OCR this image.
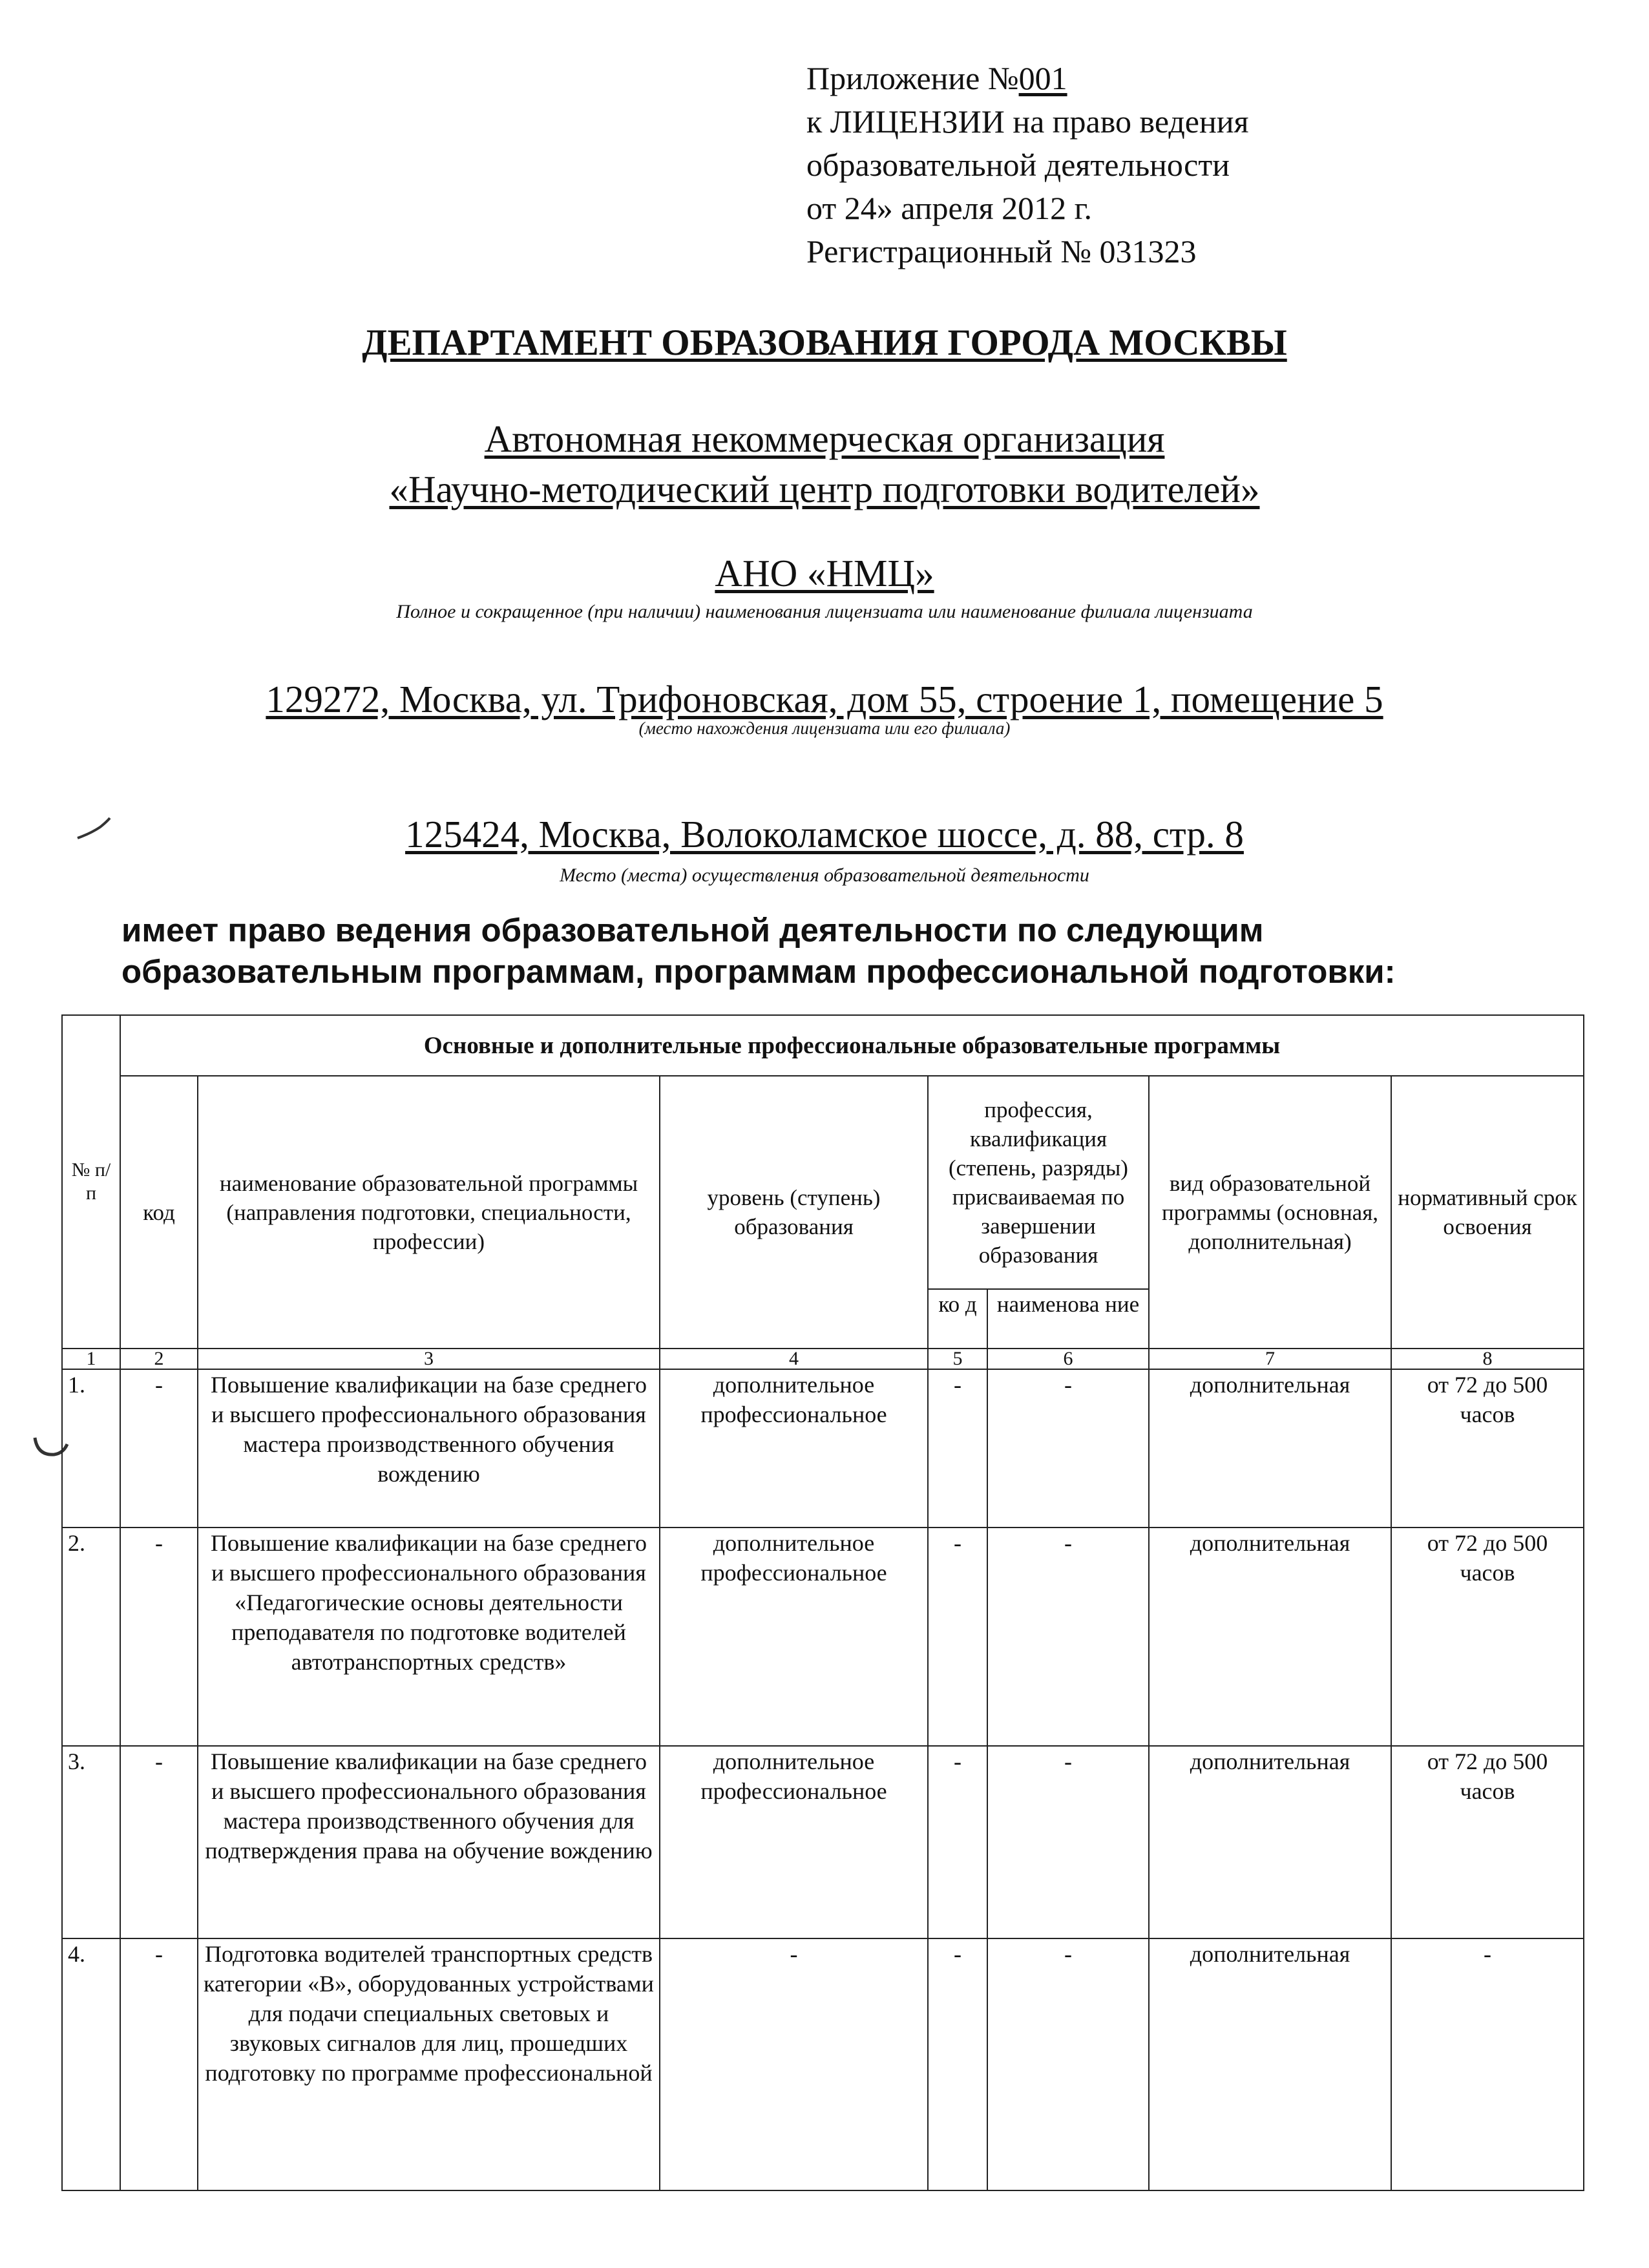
Приложение №001
к ЛИЦЕНЗИИ на право ведения
образовательной деятельности
от 24» апреля 2012 г.
Регистрационный № 031323
ДЕПАРТАМЕНТ ОБРАЗОВАНИЯ ГОРОДА МОСКВЫ
Автономная некоммерческая организация
«Научно-методический центр подготовки водителей»
АНО «НМЦ»
Полное и сокращенное (при наличии) наименования лицензиата или наименование филиала лицензиата
129272, Москва, ул. Трифоновская, дом 55, строение 1, помещение 5
(место нахождения лицензиата или его филиала)
125424, Москва, Волоколамское шоссе, д. 88, стр. 8
Место (места) осуществления образовательной деятельности
имеет право ведения образовательной деятельности по следующим
образовательным программам, программам профессиональной подготовки:
№ п/п	Основные и дополнительные профессиональные образовательные программы						
	код	наименование образовательной программы (направления подготовки, специальности, профессии)	уровень (ступень) образования	профессия, квалификация (степень, разряды) присваиваемая по завершении образования		вид образовательной программы (основная, дополнительная)	нормативный срок освоения
				ко д	наименова ние		
1	2	3	4	5	6	7	8
1.	-	Повышение квалификации на базе среднего и высшего профессионального образования мастера производственного обучения вождению	дополнительное профессиональное	-	-	дополнительная	от 72 до 500 часов
2.	-	Повышение квалификации на базе среднего и высшего профессионального образования «Педагогические основы деятельности преподавателя по подготовке водителей автотранспортных средств»	дополнительное профессиональное	-	-	дополнительная	от 72 до 500 часов
3.	-	Повышение квалификации на базе среднего и высшего профессионального образования мастера производственного обучения для подтверждения права на обучение вождению	дополнительное профессиональное	-	-	дополнительная	от 72 до 500 часов
4.	-	Подготовка водителей транспортных средств категории «В», оборудованных устройствами для подачи специальных световых и звуковых сигналов для лиц, прошедших подготовку по программе профессиональной	-	-	-	дополнительная	-
